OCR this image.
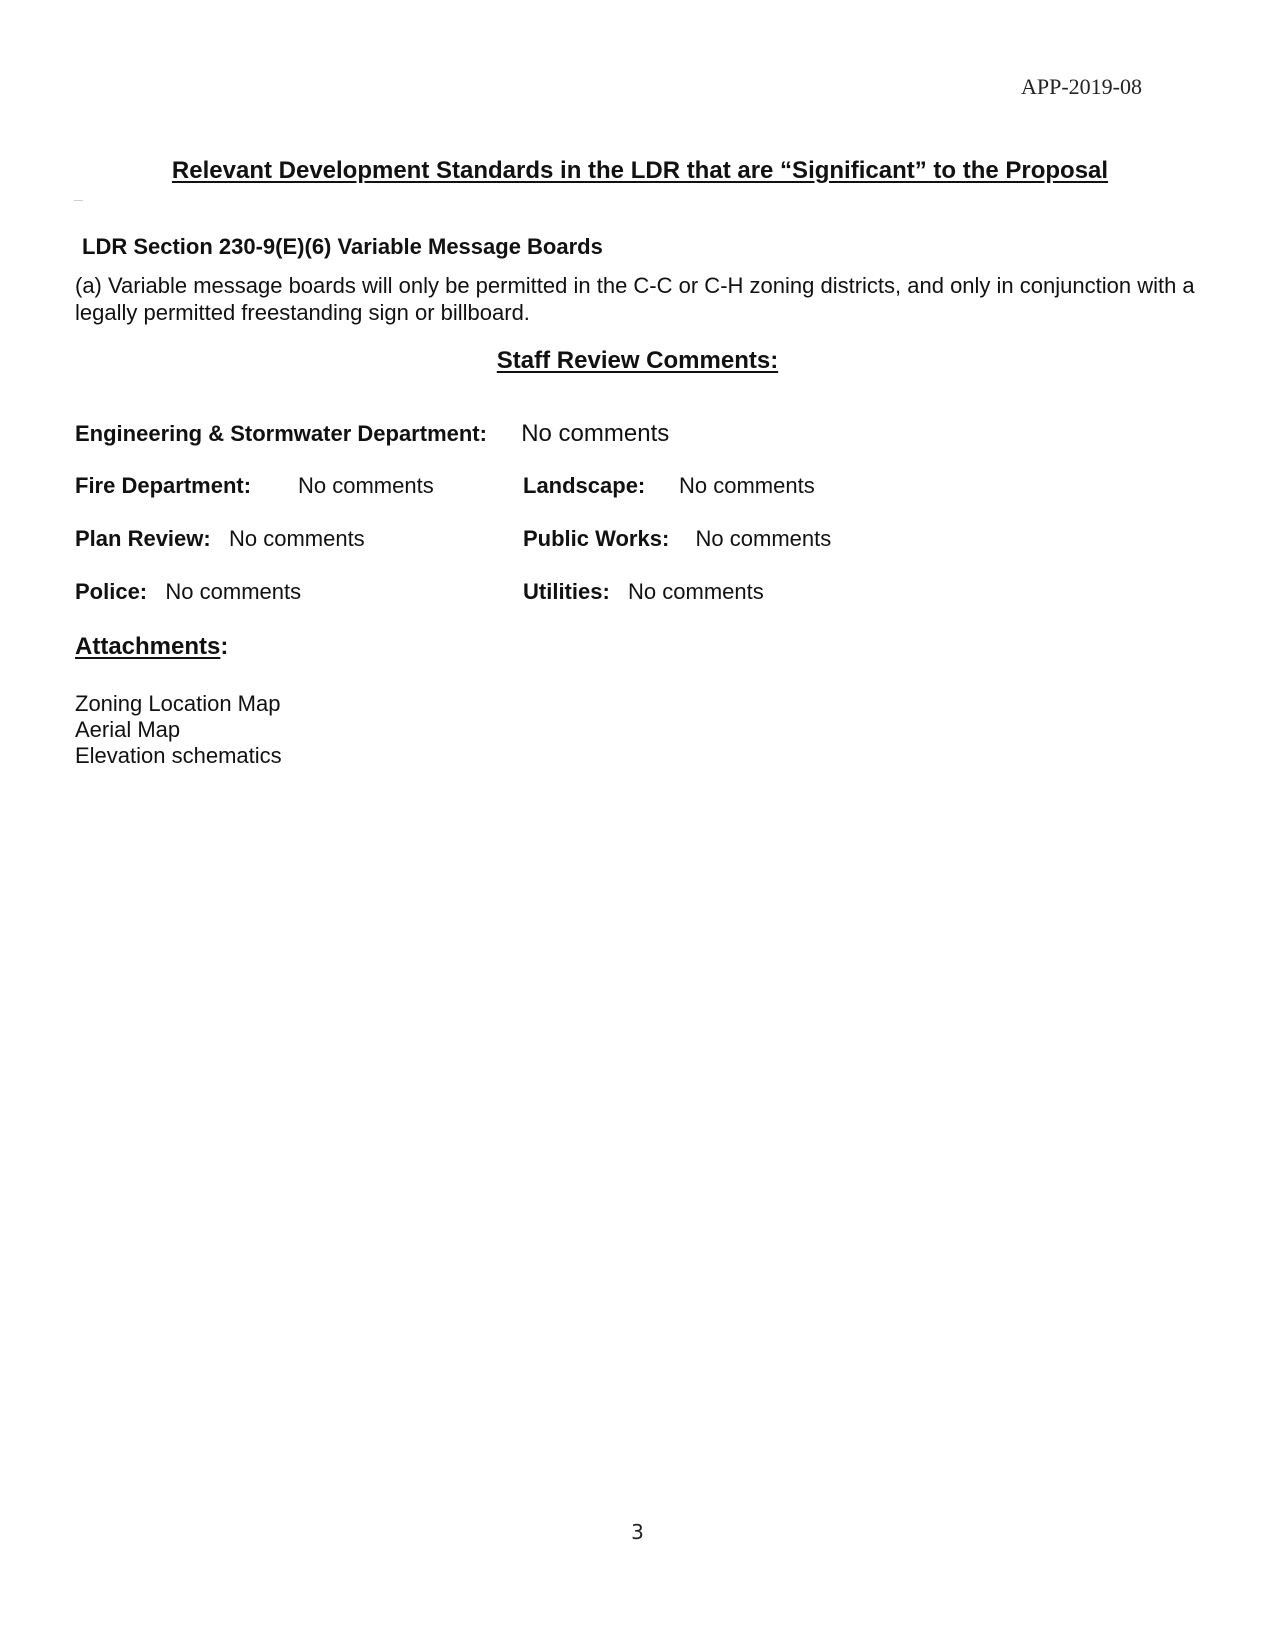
APP-2019-08
Relevant Development Standards in the LDR that are “Significant” to the Proposal
LDR Section 230-9(E)(6) Variable Message Boards
(a) Variable message boards will only be permitted in the C-C or C-H zoning districts, and only in conjunction with a legally permitted freestanding sign or billboard.
Staff Review Comments:
Engineering & Stormwater Department: No comments
Fire Department: No comments	Landscape: No comments
Plan Review: No comments	Public Works: No comments
Police: No comments	Utilities: No comments
Attachments:
Zoning Location Map
Aerial Map
Elevation schematics
3
